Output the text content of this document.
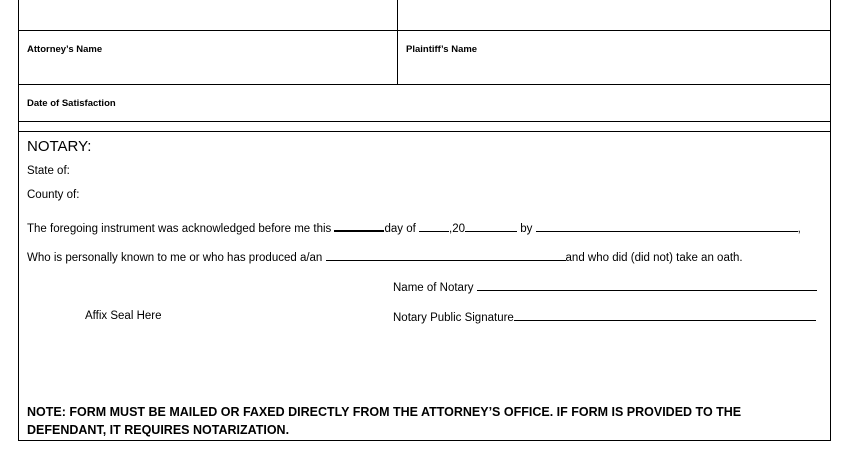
Attorney’s Name	Plaintiff’s Name
Date of Satisfaction
NOTARY:
State of:
County of:
The foregoing instrument was acknowledged before me this	day of	,20	by	,
Who is personally known to me or who has produced a/an	and who did (did not) take an oath.
Name of Notary
Affix Seal Here	Notary Public Signature
NOTE: FORM MUST BE MAILED OR FAXED DIRECTLY FROM THE ATTORNEY’S OFFICE. IF FORM IS PROVIDED TO THE
DEFENDANT, IT REQUIRES NOTARIZATION.
